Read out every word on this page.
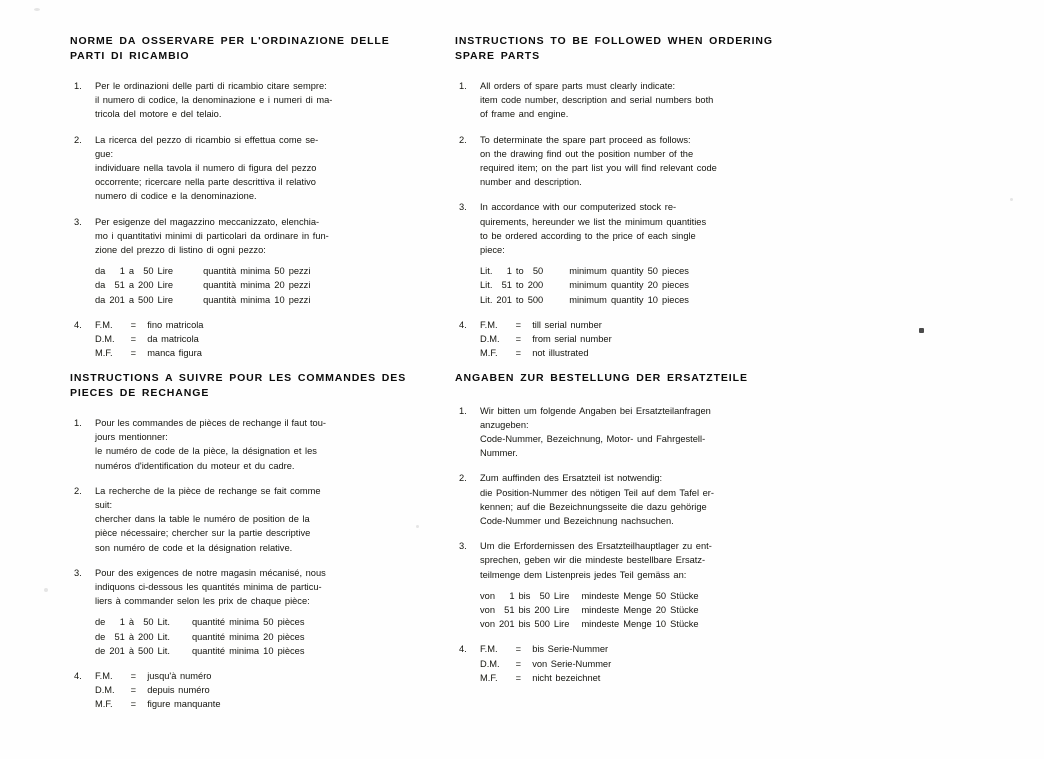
NORME DA OSSERVARE PER L'ORDINAZIONE DELLE
PARTI DI RICAMBIO
1. Per le ordinazioni delle parti di ricambio citare sempre:

il numero di codice, la denominazione e i numeri di ma-

tricola del motore e del telaio.

2. La ricerca del pezzo di ricambio si effettua come se-

gue:

individuare nella tavola il numero di figura del pezzo

occorrente; ricercare nella parte descrittiva il relativo

numero di codice e la denominazione.

3. Per esigenze del magazzino meccanizzato, elenchia-

mo i quantitativi minimi di particolari da ordinare in fun-

zione del prezzo di listino di ogni pezzo:

da	1	a	50	Lire	quantità minima 50 pezzi
da	51	a	200	Lire	quantità minima 20 pezzi
da	201	a	500	Lire	quantità minima 10 pezzi
4. F.M. = fino matricola

D.M. = da matricola

M.F. = manca figura

INSTRUCTIONS TO BE FOLLOWED WHEN ORDERING
SPARE PARTS
1. All orders of spare parts must clearly indicate:

item code number, description and serial numbers both

of frame and engine.

2. To determinate the spare part proceed as follows:

on the drawing find out the position number of the

required item; on the part list you will find relevant code

number and description.

3. In accordance with our computerized stock re-

quirements, hereunder we list the minimum quantities

to be ordered according to the price of each single

piece:

Lit.	1	to	50		minimum quantity 50 pieces
Lit.	51	to	200		minimum quantity 20 pieces
Lit.	201	to	500		minimum quantity 10 pieces
4. F.M. = till serial number

D.M. = from serial number

M.F. = not illustrated

INSTRUCTIONS A SUIVRE POUR LES COMMANDES DES
PIECES DE RECHANGE
1. Pour les commandes de pièces de rechange il faut tou-

jours mentionner:

le numéro de code de la pièce, la désignation et les

numéros d'identification du moteur et du cadre.

2. La recherche de la pièce de rechange se fait comme

suit:

chercher dans la table le numéro de position de la

pièce nécessaire; chercher sur la partie descriptive

son numéro de code et la désignation relative.

3. Pour des exigences de notre magasin mécanisé, nous

indiquons ci-dessous les quantités minima de particu-

liers à commander selon les prix de chaque pièce:

de	1	à	50	Lit.	quantité minima 50 pièces
de	51	à	200	Lit.	quantité minima 20 pièces
de	201	à	500	Lit.	quantité minima 10 pièces
4. F.M. = jusqu'à numéro

D.M. = depuis numéro

M.F. = figure manquante

ANGABEN ZUR BESTELLUNG DER ERSATZTEILE
1. Wir bitten um folgende Angaben bei Ersatzteilanfragen

anzugeben:

Code-Nummer, Bezeichnung, Motor- und Fahrgestell-

Nummer.

2. Zum auffinden des Ersatzteil ist notwendig:

die Position-Nummer des nötigen Teil auf dem Tafel er-

kennen; auf die Bezeichnungsseite die dazu gehörige

Code-Nummer und Bezeichnung nachsuchen.

3. Um die Erfordernissen des Ersatzteilhauptlager zu ent-

sprechen, geben wir die mindeste bestellbare Ersatz-

teilmenge dem Listenpreis jedes Teil gemäss an:

von	1	bis	50	Lire	mindeste Menge 50 Stücke
von	51	bis	200	Lire	mindeste Menge 20 Stücke
von	201	bis	500	Lire	mindeste Menge 10 Stücke
4. F.M. = bis Serie-Nummer

D.M. = von Serie-Nummer

M.F. = nicht bezeichnet
